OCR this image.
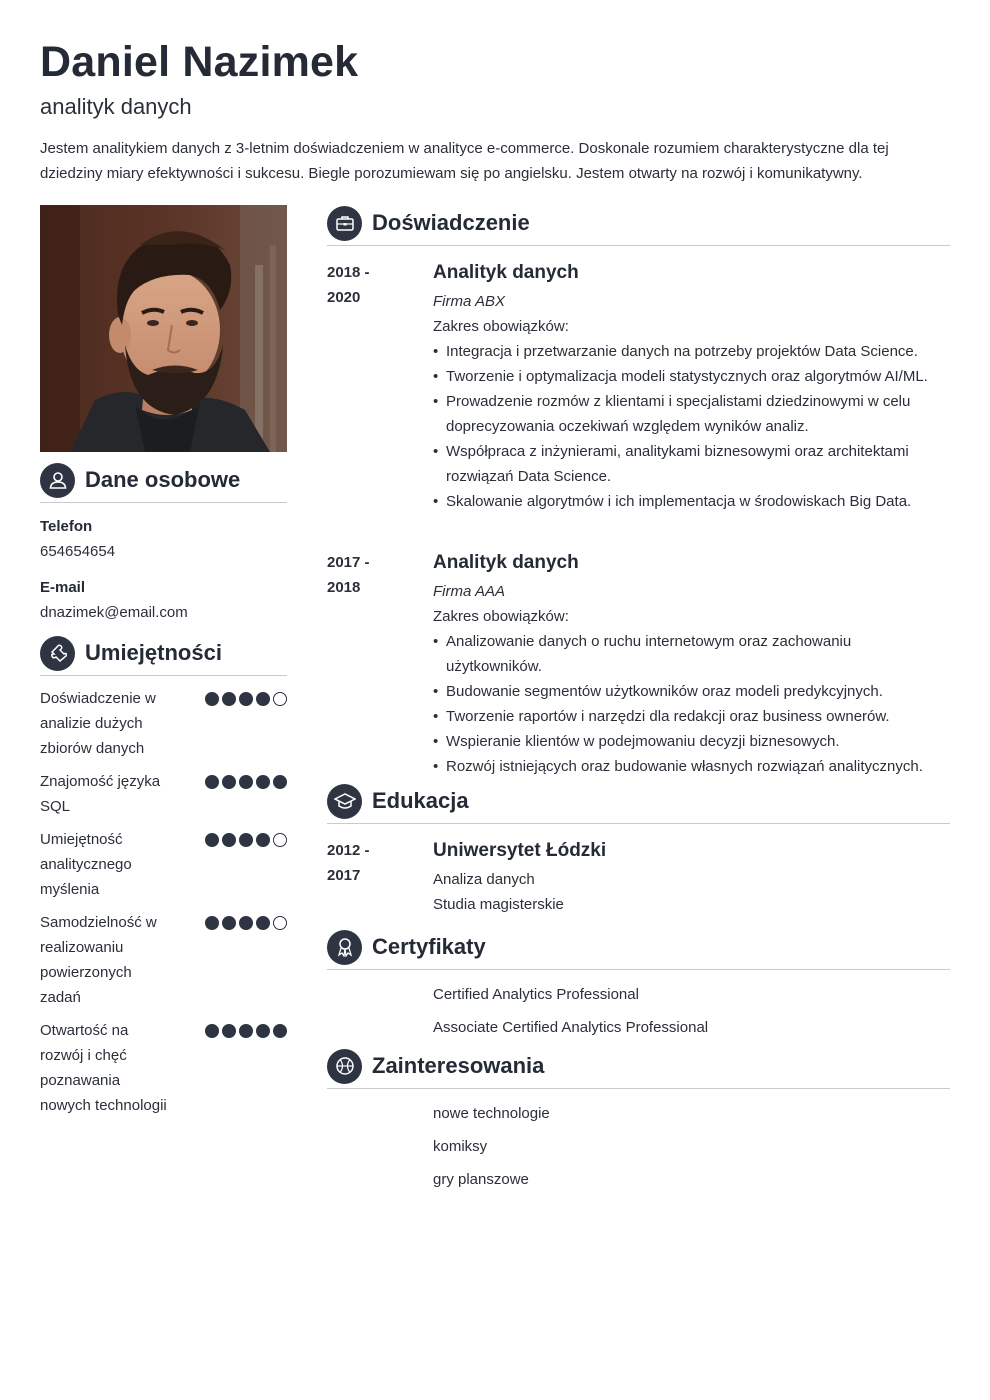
Daniel Nazimek
analityk danych
Jestem analitykiem danych z 3-letnim doświadczeniem w analityce e-commerce. Doskonale rozumiem charakterystyczne dla tej dziedziny miary efektywności i sukcesu. Biegle porozumiewam się po angielsku. Jestem otwarty na rozwój i komunikatywny.
Dane osobowe
Telefon
654654654
E-mail
dnazimek@email.com
Umiejętności
Doświadczenie w analizie dużych zbiorów danych
Znajomość języka SQL
Umiejętność analitycznego myślenia
Samodzielność w realizowaniu powierzonych zadań
Otwartość na rozwój i chęć poznawania nowych technologii
Doświadczenie
2018 -
2020
Analityk danych
Firma ABX
Zakres obowiązków:
• Integracja i przetwarzanie danych na potrzeby projektów Data Science.
• Tworzenie i optymalizacja modeli statystycznych oraz algorytmów AI/ML.
• Prowadzenie rozmów z klientami i specjalistami dziedzinowymi w celu doprecyzowania oczekiwań względem wyników analiz.
• Współpraca z inżynierami, analitykami biznesowymi oraz architektami rozwiązań Data Science.
• Skalowanie algorytmów i ich implementacja w środowiskach Big Data.
2017 -
2018
Analityk danych
Firma AAA
Zakres obowiązków:
• Analizowanie danych o ruchu internetowym oraz zachowaniu użytkowników.
• Budowanie segmentów użytkowników oraz modeli predykcyjnych.
• Tworzenie raportów i narzędzi dla redakcji oraz business ownerów.
• Wspieranie klientów w podejmowaniu decyzji biznesowych.
• Rozwój istniejących oraz budowanie własnych rozwiązań analitycznych.
Edukacja
2012 -
2017
Uniwersytet Łódzki
Analiza danych
Studia magisterskie
Certyfikaty
Certified Analytics Professional
Associate Certified Analytics Professional
Zainteresowania
nowe technologie
komiksy
gry planszowe
